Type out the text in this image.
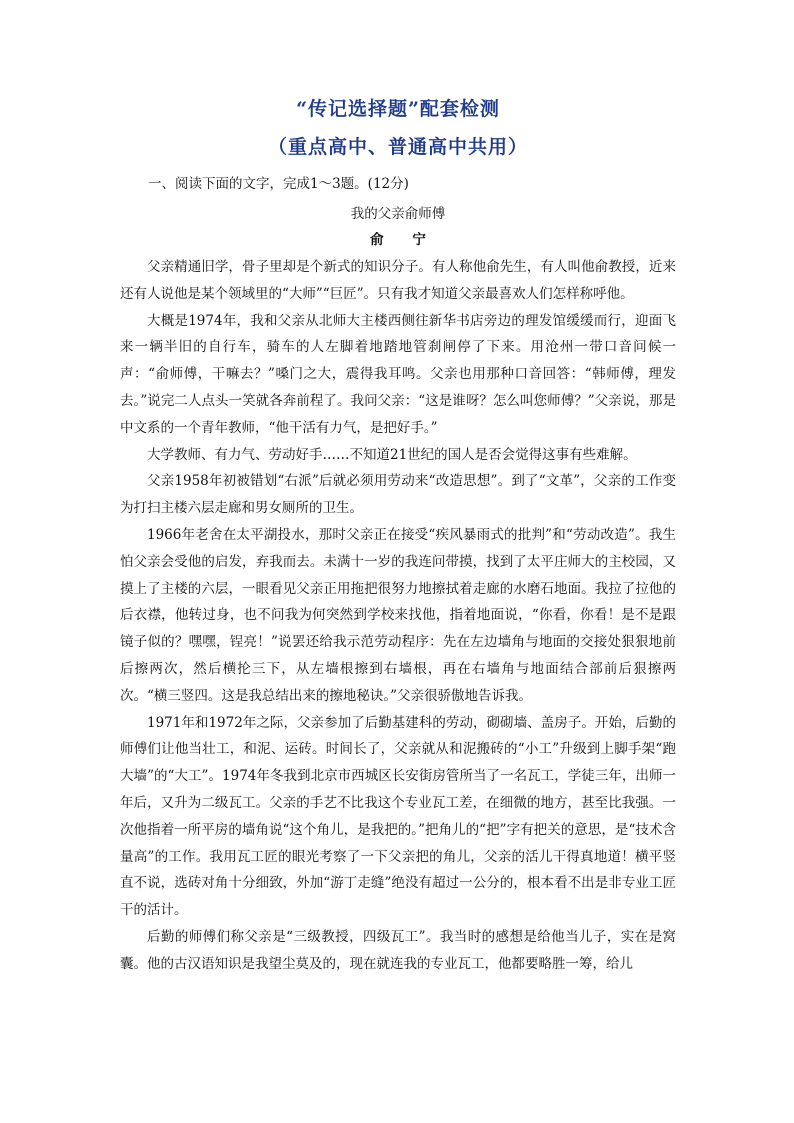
“传记选择题”配套检测
（重点高中、普通高中共用）
一、阅读下面的文字，完成1～3题。(12分)
我的父亲俞师傅
俞 宁

父亲精通旧学，骨子里却是个新式的知识分子。有人称他俞先生，有人叫他俞教授，近来还有人说他是某个领域里的“大师”“巨匠”。只有我才知道父亲最喜欢人们怎样称呼他。

大概是1974年，我和父亲从北师大主楼西侧往新华书店旁边的理发馆缓缓而行，迎面飞来一辆半旧的自行车，骑车的人左脚着地踏地管刹闸停了下来。用沧州一带口音问候一声：“俞师傅，干嘛去？”嗓门之大，震得我耳鸣。父亲也用那种口音回答：“韩师傅，理发去。”说完二人点头一笑就各奔前程了。我问父亲：“这是谁呀？怎么叫您师傅？”父亲说，那是中文系的一个青年教师，“他干活有力气，是把好手。”

大学教师、有力气、劳动好手……不知道21世纪的国人是否会觉得这事有些难解。

父亲1958年初被错划“右派”后就必须用劳动来“改造思想”。到了“文革”，父亲的工作变为打扫主楼六层走廊和男女厕所的卫生。

1966年老舍在太平湖投水，那时父亲正在接受“疾风暴雨式的批判”和“劳动改造”。我生怕父亲会受他的启发，弃我而去。未满十一岁的我连问带摸，找到了太平庄师大的主校园，又摸上了主楼的六层，一眼看见父亲正用拖把很努力地擦拭着走廊的水磨石地面。我拉了拉他的后衣襟，他转过身，也不问我为何突然到学校来找他，指着地面说，“你看，你看！是不是跟镜子似的？嘿嘿，锃亮！”说罢还给我示范劳动程序：先在左边墙角与地面的交接处狠狠地前后擦两次，然后横抡三下，从左墙根擦到右墙根，再在右墙角与地面结合部前后狠擦两次。“横三竖四。这是我总结出来的擦地秘诀。”父亲很骄傲地告诉我。

1971年和1972年之际，父亲参加了后勤基建科的劳动，砌砌墙、盖房子。开始，后勤的师傅们让他当壮工，和泥、运砖。时间长了，父亲就从和泥搬砖的“小工”升级到上脚手架“跑大墙”的“大工”。1974年冬我到北京市西城区长安街房管所当了一名瓦工，学徒三年，出师一年后，又升为二级瓦工。父亲的手艺不比我这个专业瓦工差，在细微的地方，甚至比我强。一次他指着一所平房的墙角说“这个角儿，是我把的。”把角儿的“把”字有把关的意思，是“技术含量高”的工作。我用瓦工匠的眼光考察了一下父亲把的角儿，父亲的活儿干得真地道！横平竖直不说，选砖对角十分细致，外加“游丁走缝”绝没有超过一公分的，根本看不出是非专业工匠干的活计。

后勤的师傅们称父亲是“三级教授，四级瓦工”。我当时的感想是给他当儿子，实在是窝囊。他的古汉语知识是我望尘莫及的，现在就连我的专业瓦工，他都要略胜一筹，给儿
